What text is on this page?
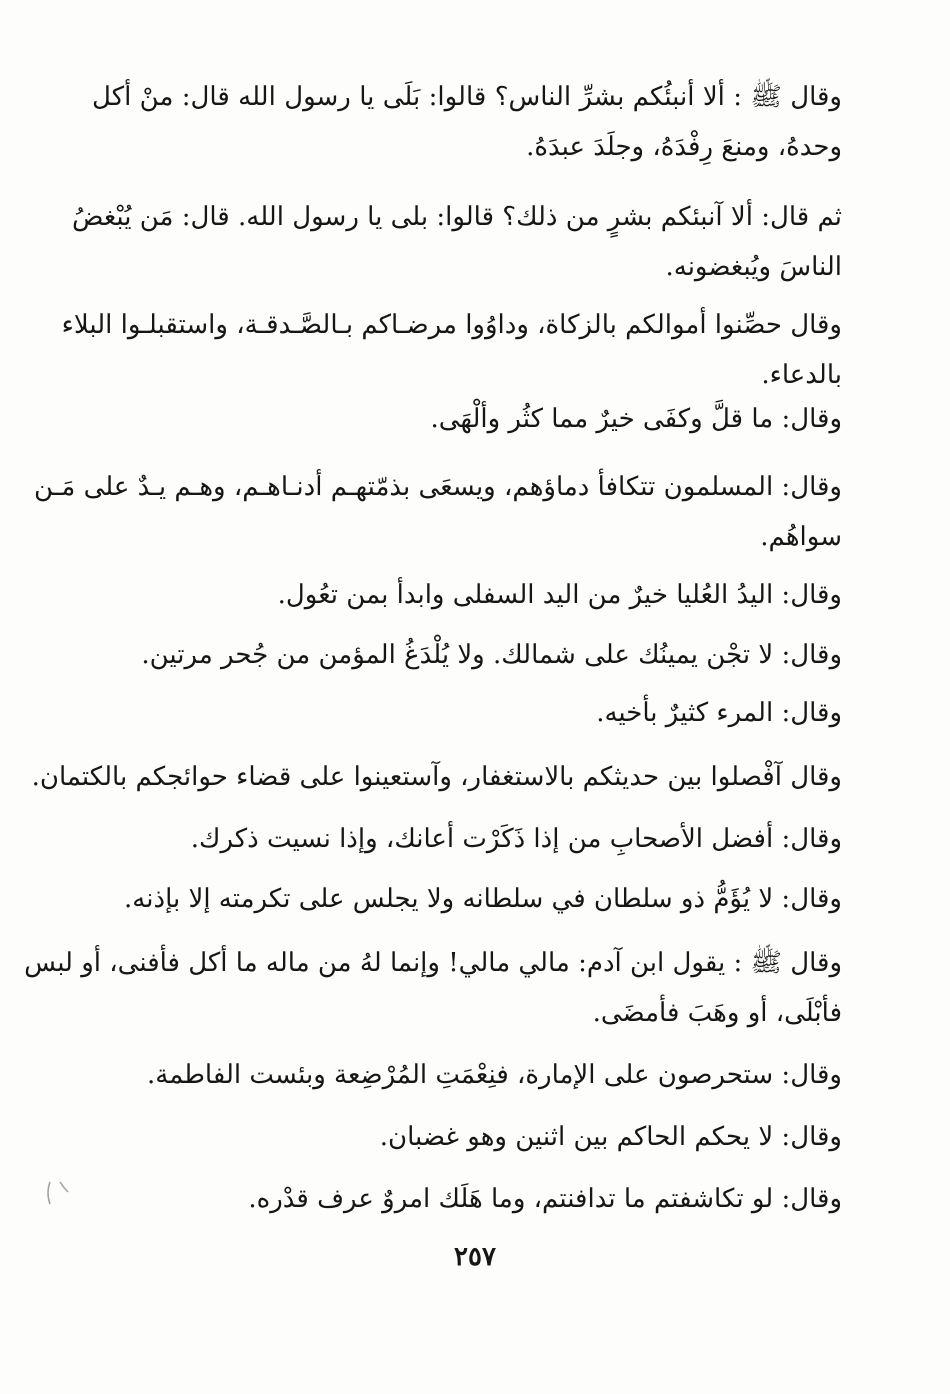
وقال ﷺ : ألا أنبئُكم بشرِّ الناس؟ قالوا: بَلَى يا رسول الله قال: منْ أكل
وحدهُ، ومنعَ رِفْدَهُ، وجلَدَ عبدَهُ.
ثم قال: ألا آنبئكم بشرٍ من ذلك؟ قالوا: بلى يا رسول الله. قال: مَن يُبْغضُ
الناسَ ويُبغضونه.
وقال حصِّنوا أموالكم بالزكاة، وداوُوا مرضـاكم بـالصَّـدقـة، واستقبلـوا البلاء
بالدعاء.
وقال: ما قلَّ وكفَى خيرٌ مما كثُر وألْهَى.
وقال: المسلمون تتكافأ دماؤهم، ويسعَى بذمّتهـم أدنـاهـم، وهـم يـدٌ على مَـن
سواهُم.
وقال: اليدُ العُليا خيرٌ من اليد السفلى وابدأ بمن تعُول.
وقال: لا تجْن يمينُك على شمالك. ولا يُلْدَغُ المؤمن من جُحر مرتين.
وقال: المرء كثيرٌ بأخيه.
وقال آفْصلوا بين حديثكم بالاستغفار، وآستعينوا على قضاء حوائجكم بالكتمان.
وقال: أفضل الأصحابِ من إذا ذَكَرْت أعانك، وإذا نسيت ذكرك.
وقال: لا يُؤَمُّ ذو سلطان في سلطانه ولا يجلس على تكرمته إلا بإذنه.
وقال ﷺ : يقول ابن آدم: مالي مالي! وإنما لهُ من ماله ما أكل فأفنى، أو لبس
فأبْلَى، أو وهَبَ فأمضَى.
وقال: ستحرصون على الإمارة، فنِعْمَتِ المُرْضِعة وبئست الفاطمة.
وقال: لا يحكم الحاكم بين اثنين وهو غضبان.
وقال: لو تكاشفتم ما تدافنتم، وما هَلَك امروٌ عرف قدْره.
٢٥٧
